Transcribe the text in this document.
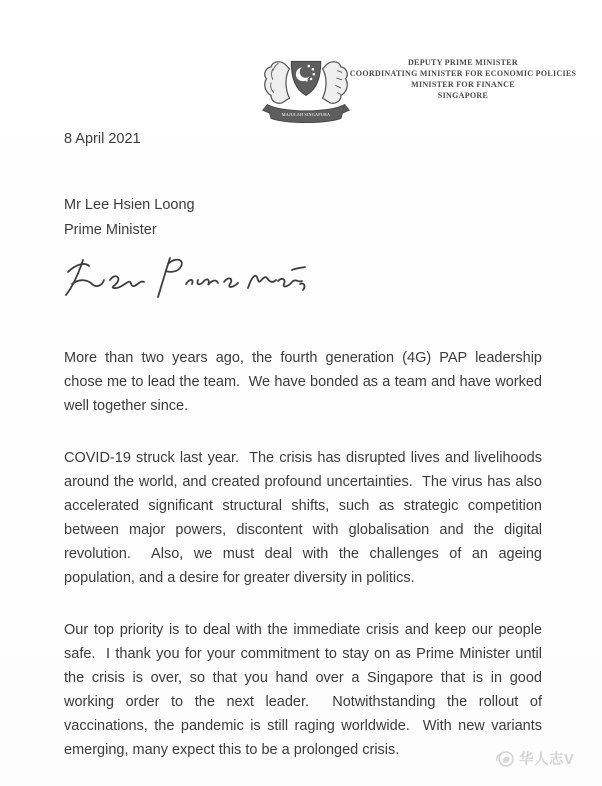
MAJULAH SINGAPURA
DEPUTY PRIME MINISTER
COORDINATING MINISTER FOR ECONOMIC POLICIES
MINISTER FOR FINANCE
SINGAPORE
8 April 2021
Mr Lee Hsien Loong
Prime Minister

More than two years ago, the fourth generation (4G) PAP leadership chose me to lead the team.  We have bonded as a team and have worked well together since.

COVID-19 struck last year.  The crisis has disrupted lives and livelihoods around the world, and created profound uncertainties.  The virus has also accelerated significant structural shifts, such as strategic competition between major powers, discontent with globalisation and the digital revolution.  Also, we must deal with the challenges of an ageing population, and a desire for greater diversity in politics.

Our top priority is to deal with the immediate crisis and keep our people safe.  I thank you for your commitment to stay on as Prime Minister until the crisis is over, so that you hand over a Singapore that is in good working order to the next leader.  Notwithstanding the rollout of vaccinations, the pandemic is still raging worldwide.  With new variants emerging, many expect this to be a prolonged crisis.

华人志V
